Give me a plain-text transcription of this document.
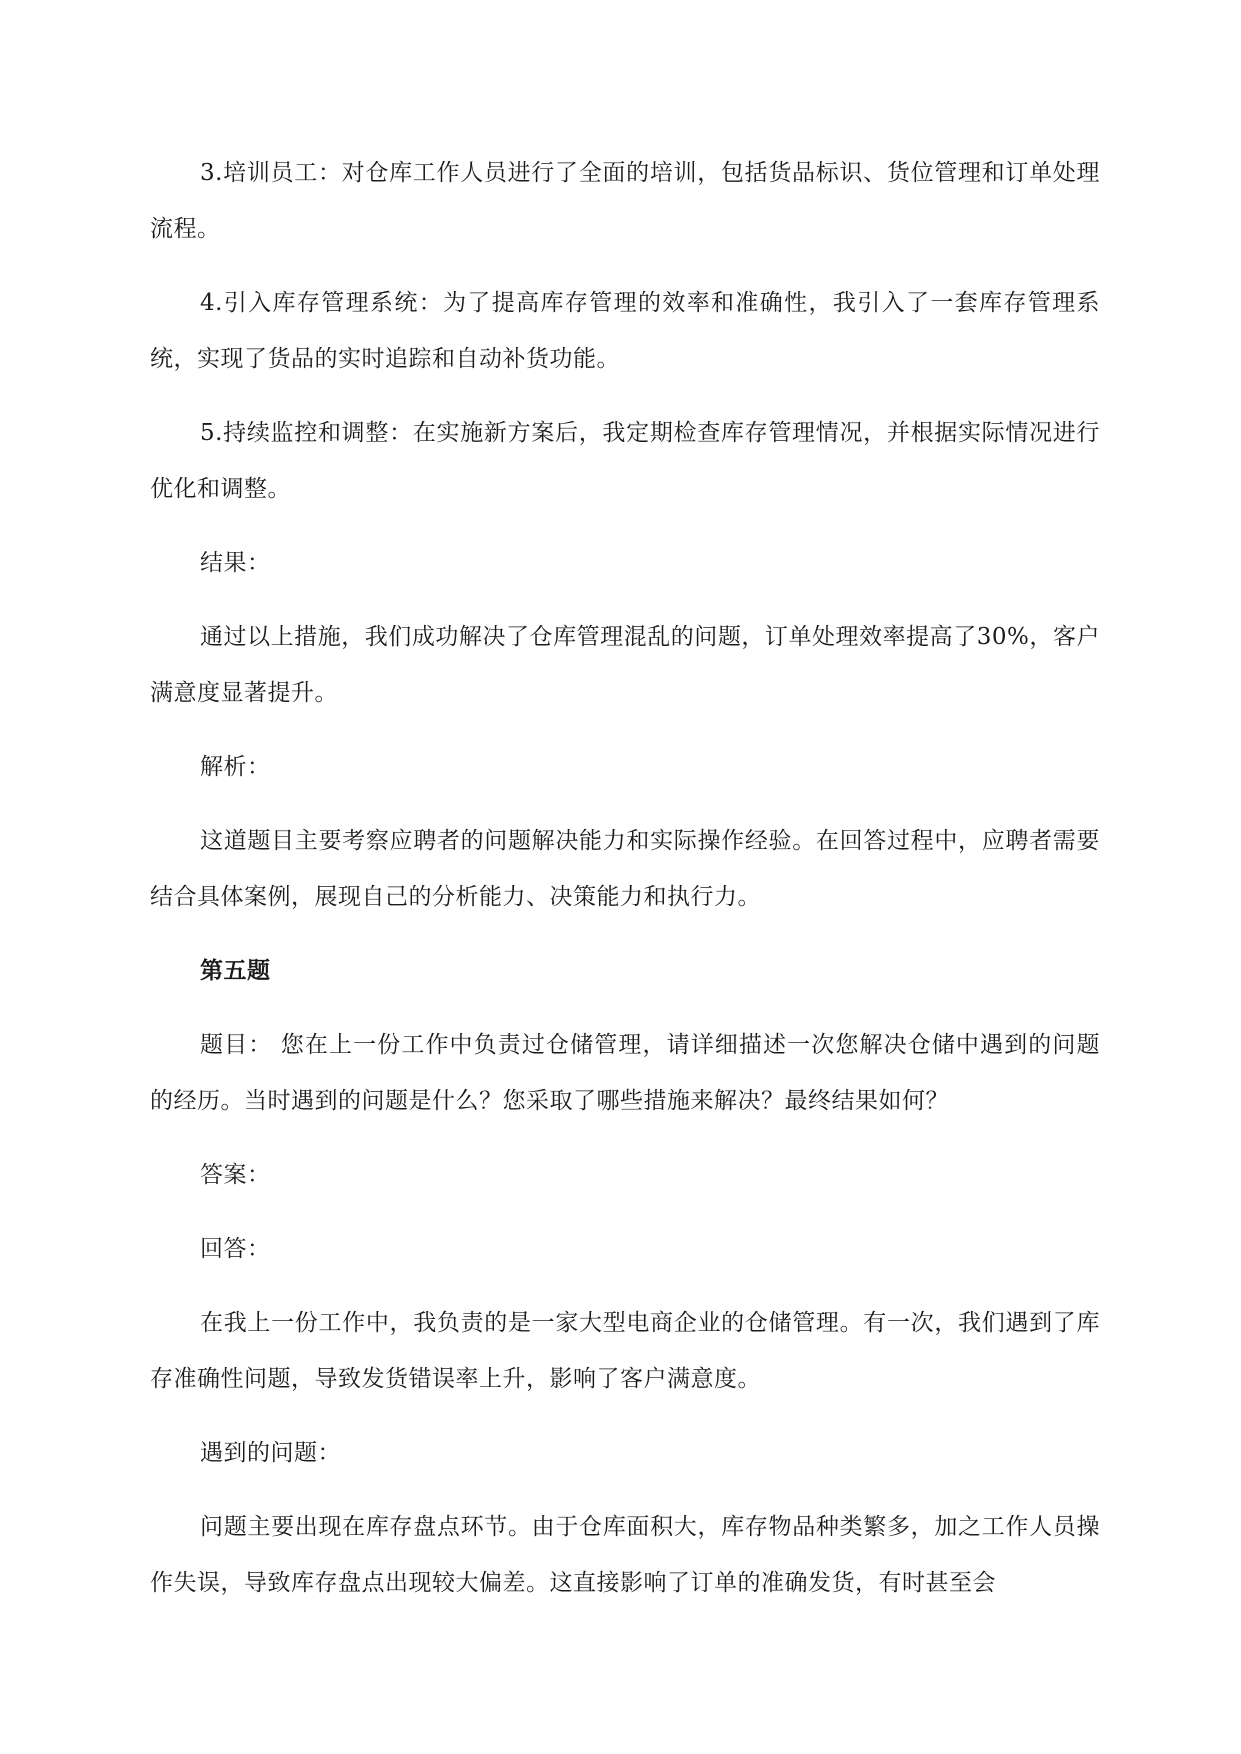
3.培训员工：对仓库工作人员进行了全面的培训，包括货品标识、货位管理和订单处理流程。

4.引入库存管理系统：为了提高库存管理的效率和准确性，我引入了一套库存管理系统，实现了货品的实时追踪和自动补货功能。

5.持续监控和调整：在实施新方案后，我定期检查库存管理情况，并根据实际情况进行优化和调整。

结果：

通过以上措施，我们成功解决了仓库管理混乱的问题，订单处理效率提高了30%，客户满意度显著提升。

解析：

这道题目主要考察应聘者的问题解决能力和实际操作经验。在回答过程中，应聘者需要结合具体案例，展现自己的分析能力、决策能力和执行力。

第五题

题目： 您在上一份工作中负责过仓储管理，请详细描述一次您解决仓储中遇到的问题的经历。当时遇到的问题是什么？您采取了哪些措施来解决？最终结果如何？

答案：

回答：

在我上一份工作中，我负责的是一家大型电商企业的仓储管理。有一次，我们遇到了库存准确性问题，导致发货错误率上升，影响了客户满意度。

遇到的问题：

问题主要出现在库存盘点环节。由于仓库面积大，库存物品种类繁多，加之工作人员操作失误，导致库存盘点出现较大偏差。这直接影响了订单的准确发货，有时甚至会
